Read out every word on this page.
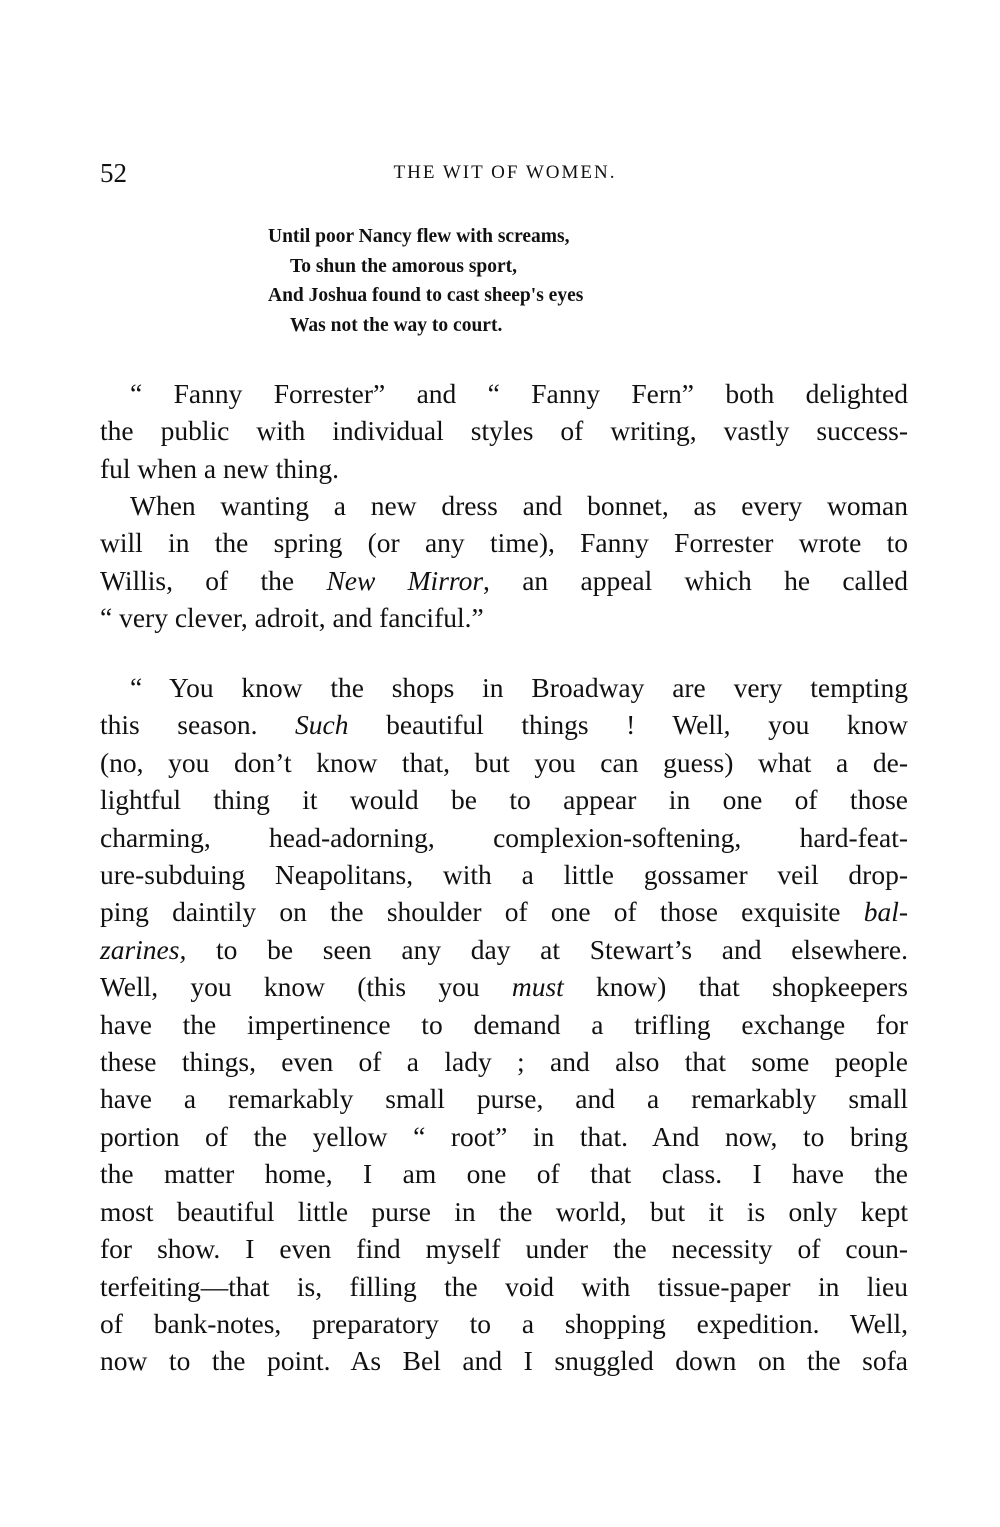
52	THE WIT OF WOMEN.
Until poor Nancy flew with screams,
To shun the amorous sport,
And Joshua found to cast sheep's eyes
Was not the way to court.
“ Fanny Forrester” and “ Fanny Fern” both delighted
the public with individual styles of writing, vastly success-
ful when a new thing.
When wanting a new dress and bonnet, as every woman
will in the spring (or any time), Fanny Forrester wrote to
Willis, of the New Mirror, an appeal which he called
“ very clever, adroit, and fanciful.”
“ You know the shops in Broadway are very tempting
this season. Such beautiful things ! Well, you know
(no, you don’t know that, but you can guess) what a de-
lightful thing it would be to appear in one of those
charming, head-adorning, complexion-softening, hard-feat-
ure-subduing Neapolitans, with a little gossamer veil drop-
ping daintily on the shoulder of one of those exquisite bal-
zarines, to be seen any day at Stewart’s and elsewhere.
Well, you know (this you must know) that shopkeepers
have the impertinence to demand a trifling exchange for
these things, even of a lady ; and also that some people
have a remarkably small purse, and a remarkably small
portion of the yellow “ root” in that. And now, to bring
the matter home, I am one of that class. I have the
most beautiful little purse in the world, but it is only kept
for show. I even find myself under the necessity of coun-
terfeiting—that is, filling the void with tissue-paper in lieu
of bank-notes, preparatory to a shopping expedition. Well,
now to the point. As Bel and I snuggled down on the sofa
